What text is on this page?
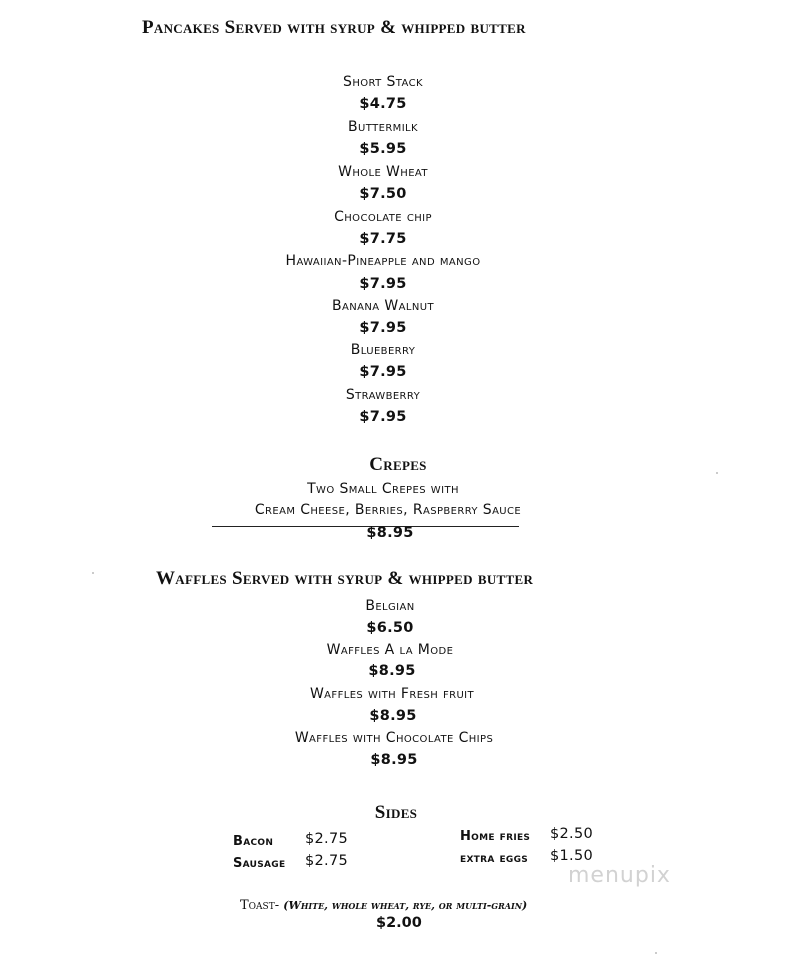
Pancakes Served with syrup & whipped butter
Short Stack
$4.75
Buttermilk
$5.95
Whole Wheat
$7.50
Chocolate chip
$7.75
Hawaiian-Pineapple and mango
$7.95
Banana Walnut
$7.95
Blueberry
$7.95
Strawberry
$7.95
Crepes
Two Small Crepes with
Cream Cheese, Berries, Raspberry Sauce
$8.95
Waffles Served with syrup & whipped butter
Belgian
$6.50
Waffles A la Mode
$8.95
Waffles with Fresh fruit
$8.95
Waffles with Chocolate Chips
$8.95
Sides
Bacon $2.75
Sausage $2.75
Home fries $2.50
extra eggs $1.50
Toast- (White, whole wheat, rye, or multi-grain)
$2.00
menupix
